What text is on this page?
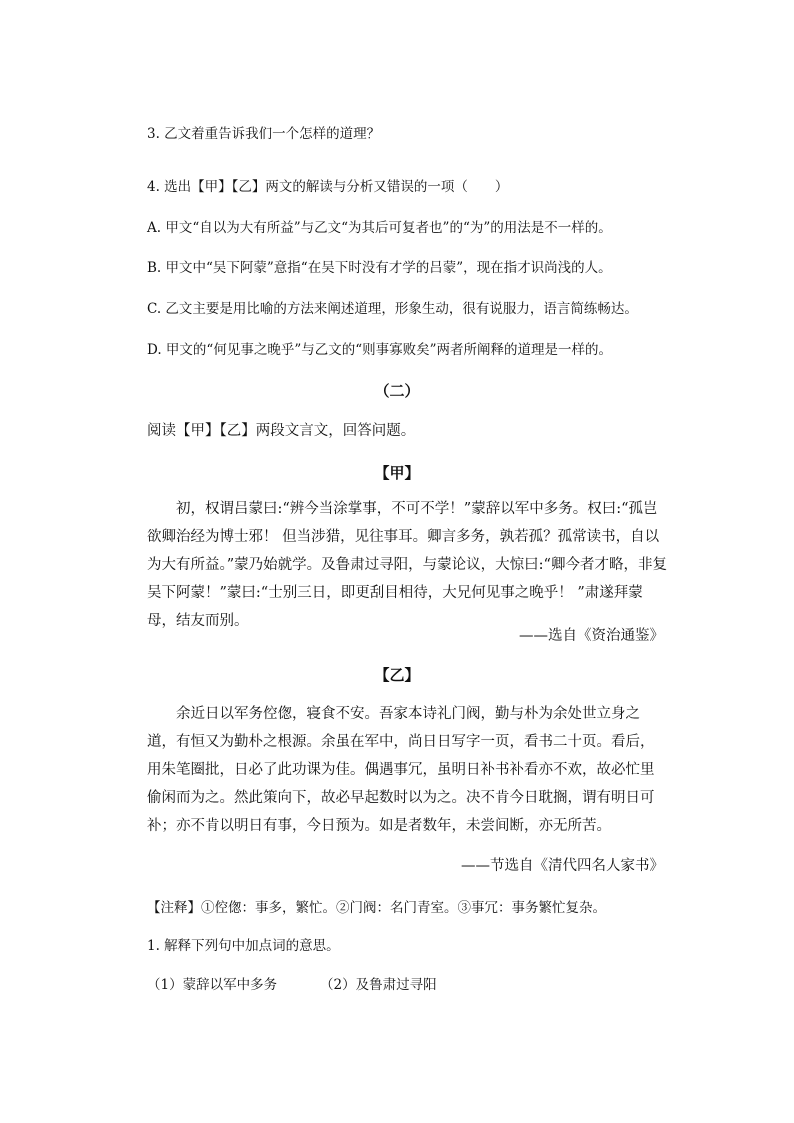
3. 乙文着重告诉我们一个怎样的道理？
4. 选出【甲】【乙】两文的解读与分析又错误的一项（　　）
A. 甲文“自以为大有所益”与乙文“为其后可复者也”的“为”的用法是不一样的。
B. 甲文中“吴下阿蒙”意指“在吴下时没有才学的吕蒙”，现在指才识尚浅的人。
C. 乙文主要是用比喻的方法来阐述道理，形象生动，很有说服力，语言简练畅达。
D. 甲文的“何见事之晚乎”与乙文的“则事寡败矣”两者所阐释的道理是一样的。
（二）
阅读【甲】【乙】两段文言文，回答问题。
【甲】

初，权谓吕蒙曰:“辨今当涂掌事，不可不学！”蒙辞以军中多务。权曰:“孤岂欲卿治经为博士邪！ 但当涉猎，见往事耳。卿言多务，孰若孤？孤常读书，自以为大有所益。”蒙乃始就学。及鲁肃过寻阳，与蒙论议，大惊曰:“卿今者才略，非复吴下阿蒙！”蒙曰:“士别三日，即更刮目相待，大兄何见事之晚乎！ ”肃遂拜蒙母，结友而别。

——选自《资治通鉴》
【乙】

余近日以军务倥偬，寝食不安。吾家本诗礼门阀，勤与朴为余处世立身之道，有恒又为勤朴之根源。余虽在军中，尚日日写字一页，看书二十页。看后，用朱笔圈批，日必了此功课为佳。偶遇事冗，虽明日补书补看亦不欢，故必忙里偷闲而为之。然此策向下，故必早起数时以为之。决不肯今日耽搁，谓有明日可补；亦不肯以明日有事，今日预为。如是者数年，未尝间断，亦无所苦。

——节选自《清代四名人家书》
【注释】①倥偬：事多，繁忙。②门阀：名门青室。③事冗：事务繁忙复杂。
1. 解释下列句中加点词的意思。
（1）蒙辞以军中多务	（2）及鲁肃过寻阳
